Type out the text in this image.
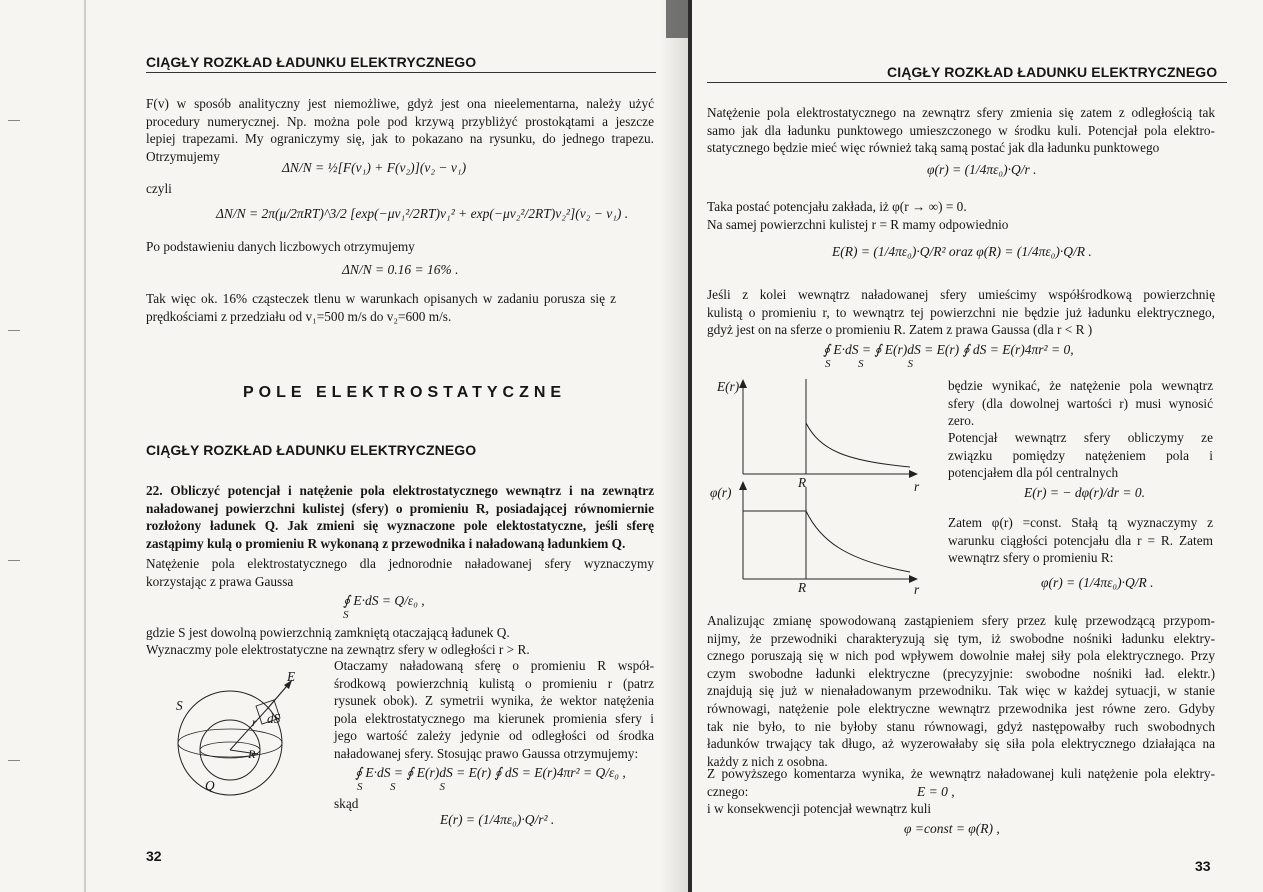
CIĄGŁY ROZKŁAD ŁADUNKU ELEKTRYCZNEGO
F(v) w sposób analityczny jest niemożliwe, gdyż jest ona nieelementarna, należy użyć
procedury numerycznej. Np. można pole pod krzywą przybliżyć prostokątami a jeszcze
lepiej trapezami. My ograniczymy się, jak to pokazano na rysunku, do jednego trapezu.
Otrzymujemy
ΔN/N = ½[F(v₁) + F(v₂)](v₂ − v₁)
czyli
ΔN/N = 2π(μ/2πRT)^3/2 [exp(−μv₁²/2RT)v₁² + exp(−μv₂²/2RT)v₂²](v₂ − v₁) .
Po podstawieniu danych liczbowych otrzymujemy
ΔN/N = 0.16 = 16% .
Tak więc ok. 16% cząsteczek tlenu w warunkach opisanych w zadaniu porusza się z
prędkościami z przedziału od v₁=500 m/s do v₂=600 m/s.
POLE ELEKTROSTATYCZNE
CIĄGŁY ROZKŁAD ŁADUNKU ELEKTRYCZNEGO
22. Obliczyć potencjał i natężenie pola elektrostatycznego wewnątrz i na zewnątrz
naładowanej powierzchni kulistej (sfery) o promieniu R, posiadającej równomiernie
rozłożony ładunek Q. Jak zmieni się wyznaczone pole elektostatyczne, jeśli sferę
zastąpimy kulą o promieniu R wykonaną z przewodnika i naładowaną ładunkiem Q.
Natężenie pola elektrostatycznego dla jednorodnie naładowanej sfery wyznaczymy
korzystając z prawa Gaussa
∮ E·dS = Q/ε₀ ,
S
gdzie S jest dowolną powierzchnią zamkniętą otaczającą ładunek Q.
Wyznaczmy pole elektrostatyczne na zewnątrz sfery w odległości r > R.
Otaczamy naładowaną sferę o promieniu R współ-
środkową powierzchnią kulistą o promieniu r (patrz
rysunek obok). Z symetrii wynika, że wektor natężenia
pola elektrostatycznego ma kierunek promienia sfery i
jego wartość zależy jedynie od odległości od środka
naładowanej sfery. Stosując prawo Gaussa otrzymujemy:
S
r dS
R
E
Q
∮ E·dS = ∮ E(r)dS = E(r) ∮ dS = E(r)4πr² = Q/ε₀ ,
S          S                S
skąd
E(r) = (1/4πε₀)·Q/r² .
32
CIĄGŁY ROZKŁAD ŁADUNKU ELEKTRYCZNEGO
Natężenie pola elektrostatycznego na zewnątrz sfery zmienia się zatem z odległością tak
samo jak dla ładunku punktowego umieszczonego w środku kuli. Potencjał pola elektro-
statycznego będzie mieć więc również taką samą postać jak dla ładunku punktowego
φ(r) = (1/4πε₀)·Q/r .
Taka postać potencjału zakłada, iż φ(r → ∞) = 0.
Na samej powierzchni kulistej r = R mamy odpowiednio
E(R) = (1/4πε₀)·Q/R² oraz φ(R) = (1/4πε₀)·Q/R .
Jeśli z kolei wewnątrz naładowanej sfery umieścimy współśrodkową powierzchnię
kulistą o promieniu r, to wewnątrz tej powierzchni nie będzie już ładunku elektrycznego,
gdyż jest on na sferze o promieniu R. Zatem z prawa Gaussa (dla r < R )
∮ E·dS = ∮ E(r)dS = E(r) ∮ dS = E(r)4πr² = 0,
S          S                S
E(r)
φ(r)
R	r
R	r
będzie wynikać, że natężenie pola wewnątrz
sfery (dla dowolnej wartości r) musi wynosić
zero.
Potencjał wewnątrz sfery obliczymy ze
związku pomiędzy natężeniem pola i
potencjałem dla pól centralnych
E(r) = − dφ(r)/dr = 0.
Zatem φ(r) =const. Stałą tą wyznaczymy z
warunku ciągłości potencjału dla r = R. Zatem
wewnątrz sfery o promieniu R:
φ(r) = (1/4πε₀)·Q/R .
Analizując zmianę spowodowaną zastąpieniem sfery przez kulę przewodzącą przypom-
nijmy, że przewodniki charakteryzują się tym, iż swobodne nośniki ładunku elektry-
cznego poruszają się w nich pod wpływem dowolnie małej siły pola elektrycznego. Przy
czym swobodne ładunki elektryczne (precyzyjnie: swobodne nośniki ład. elektr.)
znajdują się już w nienaładowanym przewodniku. Tak więc w każdej sytuacji, w stanie
równowagi, natężenie pole elektryczne wewnątrz przewodnika jest równe zero. Gdyby
tak nie było, to nie byłoby stanu równowagi, gdyż następowałby ruch swobodnych
ładunków trwający tak długo, aż wyzerowałaby się siła pola elektrycznego działająca na
każdy z nich z osobna.
Z powyższego komentarza wynika, że wewnątrz naładowanej kuli natężenie pola elektry-
cznego:	E = 0 ,
i w konsekwencji potencjał wewnątrz kuli
φ =const = φ(R) ,
33
